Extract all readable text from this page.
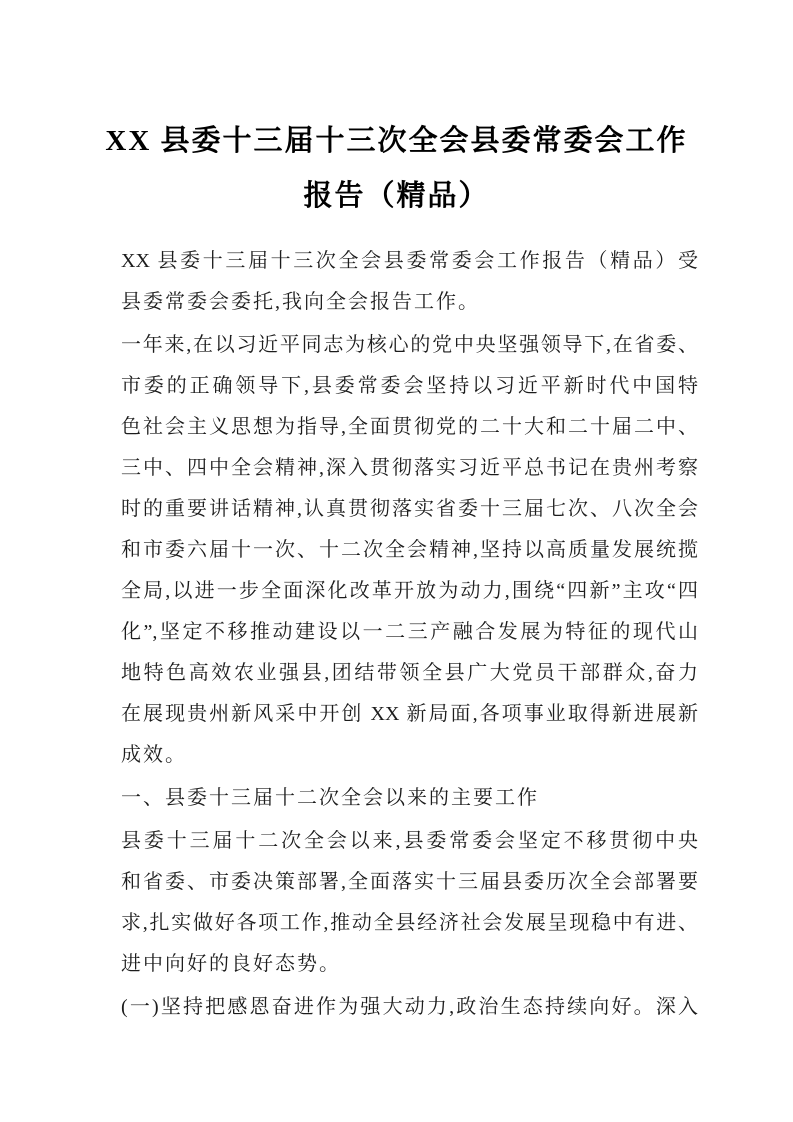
XX 县委十三届十三次全会县委常委会工作
报告（精品）
XX 县委十三届十三次全会县委常委会工作报告（精品）受
县委常委会委托,我向全会报告工作。
一年来,在以习近平同志为核心的党中央坚强领导下,在省委、
市委的正确领导下,县委常委会坚持以习近平新时代中国特
色社会主义思想为指导,全面贯彻党的二十大和二十届二中、
三中、四中全会精神,深入贯彻落实习近平总书记在贵州考察
时的重要讲话精神,认真贯彻落实省委十三届七次、八次全会
和市委六届十一次、十二次全会精神,坚持以高质量发展统揽
全局,以进一步全面深化改革开放为动力,围绕“四新”主攻“四
化”,坚定不移推动建设以一二三产融合发展为特征的现代山
地特色高效农业强县,团结带领全县广大党员干部群众,奋力
在展现贵州新风采中开创 XX 新局面,各项事业取得新进展新
成效。
一、县委十三届十二次全会以来的主要工作
县委十三届十二次全会以来,县委常委会坚定不移贯彻中央
和省委、市委决策部署,全面落实十三届县委历次全会部署要
求,扎实做好各项工作,推动全县经济社会发展呈现稳中有进、
进中向好的良好态势。
(一)坚持把感恩奋进作为强大动力,政治生态持续向好。深入
